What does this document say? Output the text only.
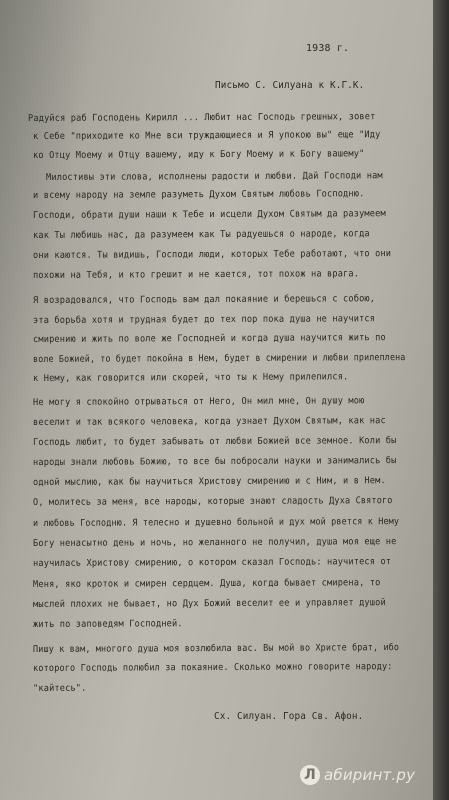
1938 г.
Письмо С. Силуана к К.Г.К.
Радуйся раб Господень Кирилл ... Любит нас Господь грешных, зовет
к Себе "приходите ко Мне вси труждающиеся и Я упокою вы" еще "Иду
ко Отцу Моему и Отцу вашему, иду к Богу Моему и к Богу вашему"
Милостивы эти слова, исполнены радости и любви. Дай Господи нам
и всему народу на земле разуметь Духом Святым любовь Господню.
Господи, обрати души наши к Тебе и исцели Духом Святым да разумеем
как Ты любишь нас, да разумеем как Ты радуешься о народе, когда
они каются. Ты видишь, Господи люди, которых Тебе работают, что они
похожи на Тебя, и кто грешит и не кается, тот похож на врага.
Я возрадовался, что Господь вам дал покаяние и берешься с собою,
эта борьба хотя и трудная будет до тех пор пока душа не научится
смирению и жить по воле же Господней и когда душа научится жить по
воле Божией, то будет покойна в Нем, будет в смирении и любви прилеплена
к Нему, как говорится или скорей, что ты к Нему прилепился.
Не могу я спокойно отрываться от Него, Он мил мне, Он душу мою
веселит и так всякого человека, когда узнает Духом Святым, как нас
Господь любит, то будет забывать от любви Божией все земное. Коли бы
народы знали любовь Божию, то все бы побросали науки и занимались бы
одной мыслию, как бы научиться Христову смирению и с Ним, и в Нем.
О, молитесь за меня, все народы, которые знают сладость Духа Святого
и любовь Господню. Я телесно и душевно больной и дух мой рвется к Нему
Богу ненасытно день и ночь, но желанного не получил, душа моя еще не
научилась Христову смирению, о котором сказал Господь: научитеся от
Меня, яко кроток и смирен сердцем. Душа, когда бывает смирена, то
мыслей плохих не бывает, но Дух Божий веселит ее и управляет душой
жить по заповедям Господней.
Пишу к вам, многого душа моя возлюбила вас. Вы мой во Христе брат, ибо
которого Господь полюбил за покаяние. Сколько можно говорите народу:
"кайтесь".
Сх. Силуан. Гора Св. Афон.
Л абиринт.ру
